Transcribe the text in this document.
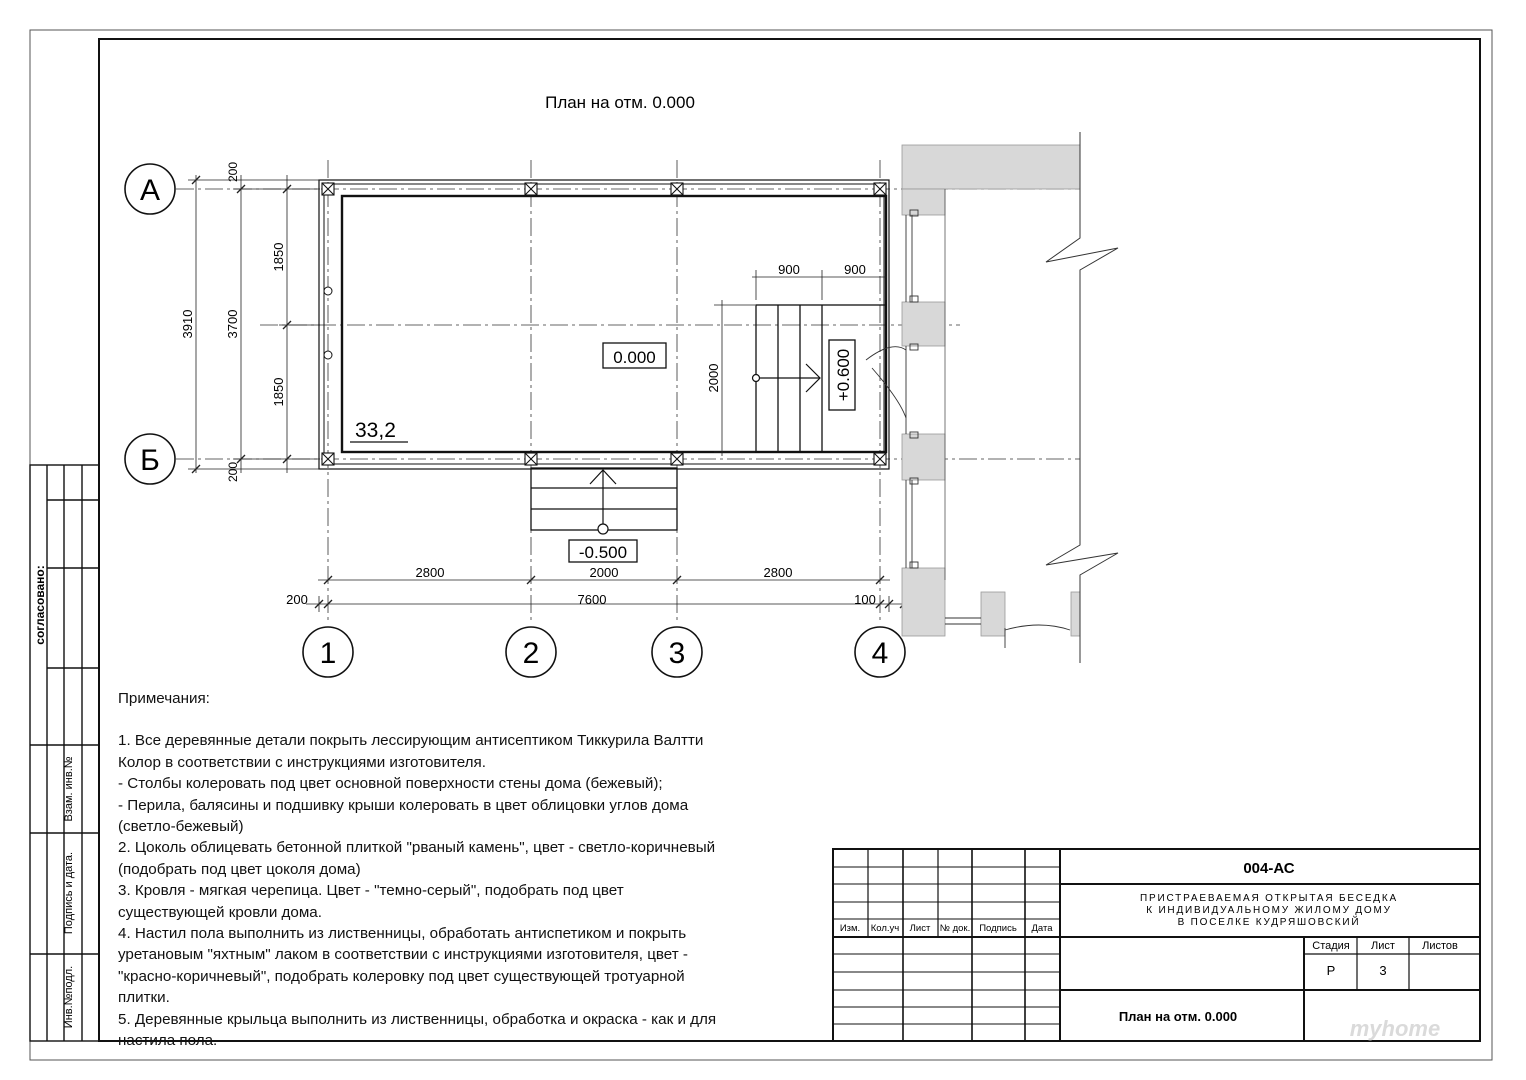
План на отм. 0.000
А
Б
1	2	3	4
33,2
0.000	+0.600
900	900
2000
-0.500
3910 3700
1850
1850
200
200
2800	2000	2800
7600
200	100
согласовано:
Взам. инв.№
Подпись и дата.
Инв.№подл.
Изм. Кол.уч Лист № док. Подпись Дата
004-АС
ПРИСТРАЕВАЕМАЯ ОТКРЫТАЯ БЕСЕДКА
К ИНДИВИДУАЛЬНОМУ ЖИЛОМУ ДОМУ
В ПОСЕЛКЕ КУДРЯШОВСКИЙ
Стадия Лист Листов
Р	3
План на отм. 0.000	myhome
Примечания:
1. Все деревянные детали покрыть лессирующим антисептиком Тиккурила Валтти
Колор в соответствии с инструкциями изготовителя.
- Столбы колеровать под цвет основной поверхности стены дома (бежевый);
- Перила, балясины и подшивку крыши колеровать в цвет облицовки углов дома
(светло-бежевый)
2. Цоколь облицевать бетонной плиткой "рваный камень", цвет - светло-коричневый
(подобрать под цвет цоколя дома)
3. Кровля - мягкая черепица. Цвет - "темно-серый", подобрать под цвет
существующей кровли дома.
4. Настил пола выполнить из лиственницы, обработать антиспетиком и покрыть
уретановым "яхтным" лаком в соответствии с инструкциями изготовителя, цвет -
"красно-коричневый", подобрать колеровку под цвет существующей тротуарной
плитки.
5. Деревянные крыльца выполнить из лиственницы, обработка и окраска - как и для
настила пола.
